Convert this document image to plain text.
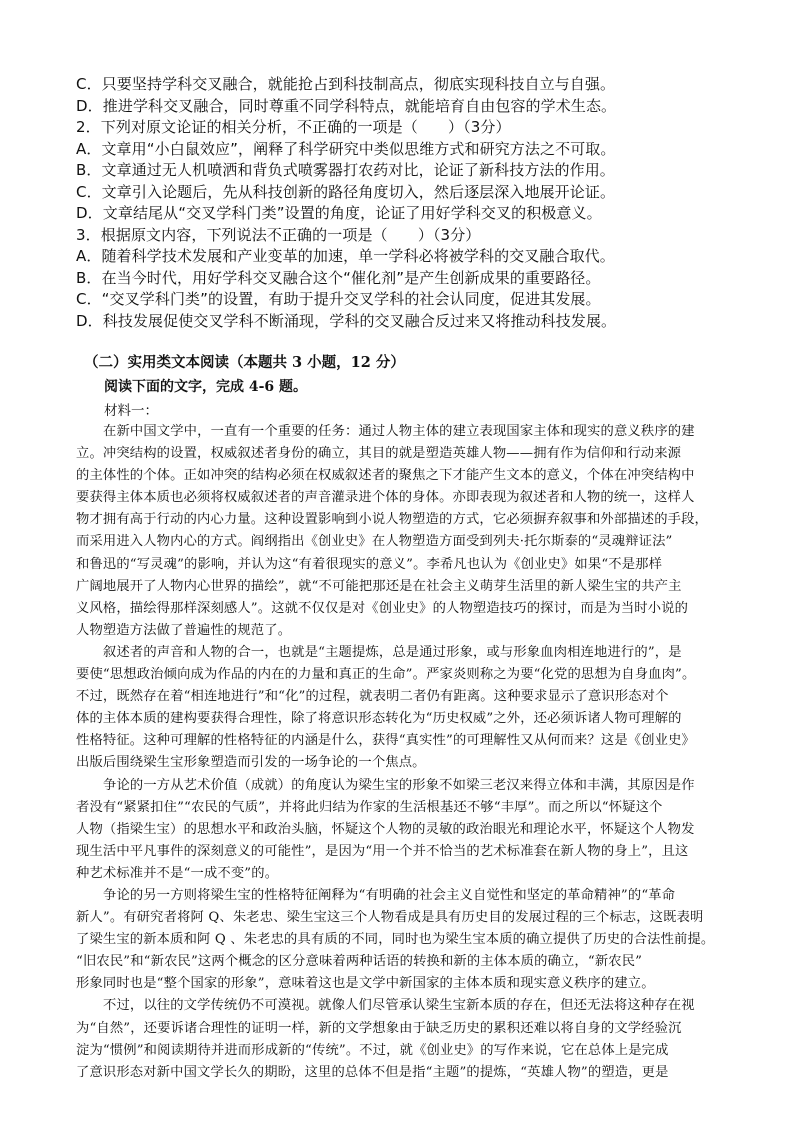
C．只要坚持学科交叉融合，就能抢占到科技制高点，彻底实现科技自立与自强。
D．推进学科交叉融合，同时尊重不同学科特点，就能培育自由包容的学术生态。
2．下列对原文论证的相关分析，不正确的一项是（　　）（3分）
A．文章用“小白鼠效应”，阐释了科学研究中类似思维方式和研究方法之不可取。
B．文章通过无人机喷洒和背负式喷雾器打农药对比，论证了新科技方法的作用。
C．文章引入论题后，先从科技创新的路径角度切入，然后逐层深入地展开论证。
D．文章结尾从“交叉学科门类”设置的角度，论证了用好学科交叉的积极意义。
3．根据原文内容，下列说法不正确的一项是（　　）（3分）
A．随着科学技术发展和产业变革的加速，单一学科必将被学科的交叉融合取代。
B．在当今时代，用好学科交叉融合这个“催化剂”是产生创新成果的重要路径。
C．“交叉学科门类”的设置，有助于提升交叉学科的社会认同度，促进其发展。
D．科技发展促使交叉学科不断涌现，学科的交叉融合反过来又将推动科技发展。
（二）实用类文本阅读（本题共 3 小题，12 分）
阅读下面的文字，完成 4-6 题。
材料一：
在新中国文学中，一直有一个重要的任务：通过人物主体的建立表现国家主体和现实的意义秩序的建
立。冲突结构的设置，权威叙述者身份的确立，其目的就是塑造英雄人物——拥有作为信仰和行动来源
的主体性的个体。正如冲突的结构必须在权威叙述者的聚焦之下才能产生文本的意义，个体在冲突结构中
要获得主体本质也必须将权威叙述者的声音灌录进个体的身体。亦即表现为叙述者和人物的统一，这样人
物才拥有高于行动的内心力量。这种设置影响到小说人物塑造的方式，它必须摒弃叙事和外部描述的手段，
而采用进入人物内心的方式。阎纲指出《创业史》在人物塑造方面受到列夫·托尔斯泰的“灵魂辩证法”
和鲁迅的“写灵魂”的影响，并认为这“有着很现实的意义”。李希凡也认为《创业史》如果“不是那样
广阔地展开了人物内心世界的描绘”，就“不可能把那还是在社会主义萌芽生活里的新人梁生宝的共产主
义风格，描绘得那样深刻感人”。这就不仅仅是对《创业史》的人物塑造技巧的探讨，而是为当时小说的
人物塑造方法做了普遍性的规范了。
叙述者的声音和人物的合一，也就是“主题提炼，总是通过形象，或与形象血肉相连地进行的”，是
要使“思想政治倾向成为作品的内在的力量和真正的生命”。严家炎则称之为要“化党的思想为自身血肉”。
不过，既然存在着“相连地进行”和“化”的过程，就表明二者仍有距离。这种要求显示了意识形态对个
体的主体本质的建构要获得合理性，除了将意识形态转化为“历史权威”之外，还必须诉诸人物可理解的
性格特征。这种可理解的性格特征的内涵是什么，获得“真实性”的可理解性又从何而来？这是《创业史》
出版后围绕梁生宝形象塑造而引发的一场争论的一个焦点。
争论的一方从艺术价值（成就）的角度认为梁生宝的形象不如梁三老汉来得立体和丰满，其原因是作
者没有“紧紧扣住”“农民的气质”，并将此归结为作家的生活根基还不够“丰厚”。而之所以“怀疑这个
人物（指梁生宝）的思想水平和政治头脑，怀疑这个人物的灵敏的政治眼光和理论水平，怀疑这个人物发
现生活中平凡事件的深刻意义的可能性”，是因为“用一个并不恰当的艺术标准套在新人物的身上”，且这
种艺术标准并不是“一成不变”的。
争论的另一方则将梁生宝的性格特征阐释为“有明确的社会主义自觉性和坚定的革命精神”的“革命
新人”。有研究者将阿 Q、朱老忠、梁生宝这三个人物看成是具有历史目的发展过程的三个标志，这既表明
了梁生宝的新本质和阿 Q 、朱老忠的具有质的不同，同时也为梁生宝本质的确立提供了历史的合法性前提。
“旧农民”和“新农民”这两个概念的区分意味着两种话语的转换和新的主体本质的确立，“新农民”
形象同时也是“整个国家的形象”，意味着这也是文学中新国家的主体本质和现实意义秩序的建立。
不过，以往的文学传统仍不可漠视。就像人们尽管承认梁生宝新本质的存在，但还无法将这种存在视
为“自然”，还要诉诸合理性的证明一样，新的文学想象由于缺乏历史的累积还难以将自身的文学经验沉
淀为“惯例”和阅读期待并进而形成新的“传统”。不过，就《创业史》的写作来说，它在总体上是完成
了意识形态对新中国文学长久的期盼，这里的总体不但是指“主题”的提炼，“英雄人物”的塑造，更是
